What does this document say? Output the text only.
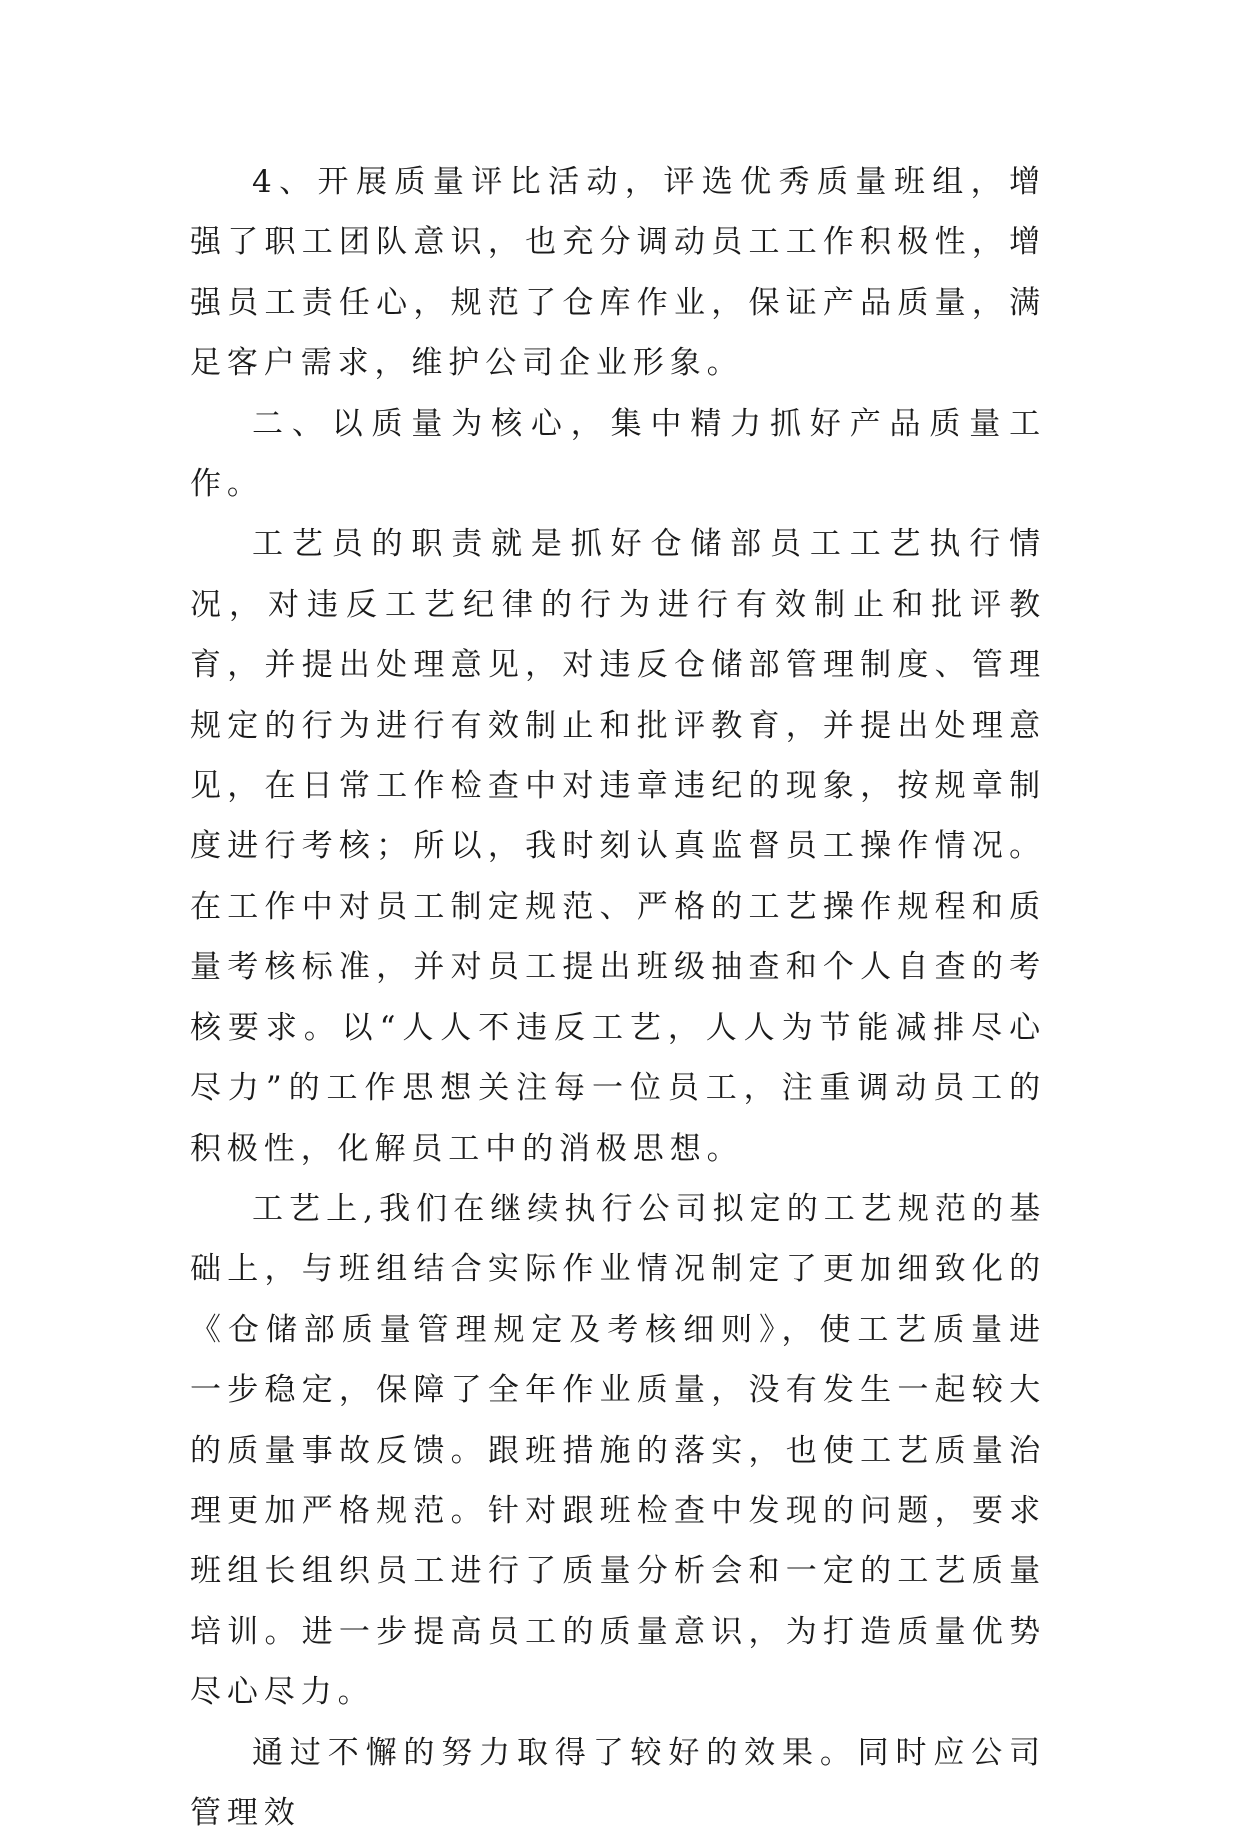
4、开展质量评比活动，评选优秀质量班组，增强了职工团队意识，也充分调动员工工作积极性，增强员工责任心，规范了仓库作业，保证产品质量，满足客户需求，维护公司企业形象。

二、以质量为核心，集中精力抓好产品质量工作。

工艺员的职责就是抓好仓储部员工工艺执行情况，对违反工艺纪律的行为进行有效制止和批评教育，并提出处理意见，对违反仓储部管理制度、管理规定的行为进行有效制止和批评教育，并提出处理意见，在日常工作检查中对违章违纪的现象，按规章制度进行考核；所以，我时刻认真监督员工操作情况。在工作中对员工制定规范、严格的工艺操作规程和质量考核标准，并对员工提出班级抽查和个人自查的考核要求。以“人人不违反工艺，人人为节能减排尽心尽力”的工作思想关注每一位员工，注重调动员工的积极性，化解员工中的消极思想。

工艺上,我们在继续执行公司拟定的工艺规范的基础上，与班组结合实际作业情况制定了更加细致化的《仓储部质量管理规定及考核细则》，使工艺质量进一步稳定，保障了全年作业质量，没有发生一起较大的质量事故反馈。跟班措施的落实，也使工艺质量治理更加严格规范。针对跟班检查中发现的问题，要求班组长组织员工进行了质量分析会和一定的工艺质量培训。进一步提高员工的质量意识，为打造质量优势尽心尽力。

通过不懈的努力取得了较好的效果。同时应公司管理效
